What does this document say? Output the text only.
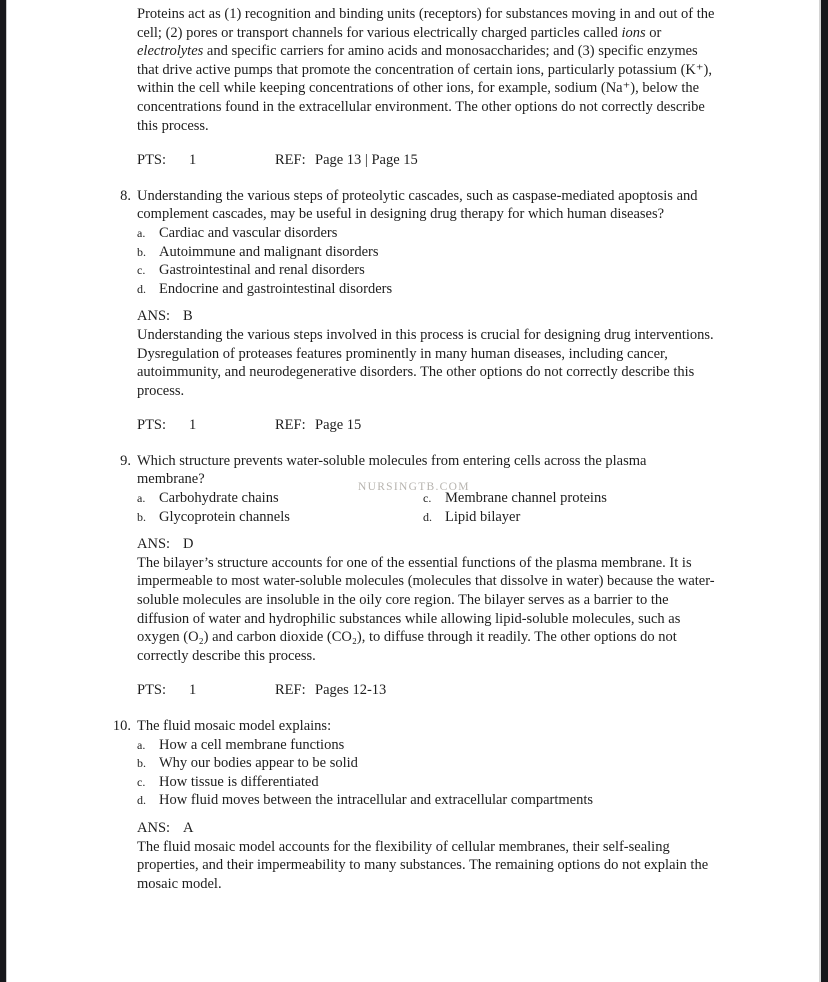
Proteins act as (1) recognition and binding units (receptors) for substances moving in and out of the cell; (2) pores or transport channels for various electrically charged particles called ions or electrolytes and specific carriers for amino acids and monosaccharides; and (3) specific enzymes that drive active pumps that promote the concentration of certain ions, particularly potassium (K⁺), within the cell while keeping concentrations of other ions, for example, sodium (Na⁺), below the concentrations found in the extracellular environment. The other options do not correctly describe this process.
PTS: 1	REF: Page 13 | Page 15
8. Understanding the various steps of proteolytic cascades, such as caspase-mediated apoptosis and complement cascades, may be useful in designing drug therapy for which human diseases?
a. Cardiac and vascular disorders
b. Autoimmune and malignant disorders
c. Gastrointestinal and renal disorders
d. Endocrine and gastrointestinal disorders
ANS: B
Understanding the various steps involved in this process is crucial for designing drug interventions. Dysregulation of proteases features prominently in many human diseases, including cancer, autoimmunity, and neurodegenerative disorders. The other options do not correctly describe this process.
PTS: 1	REF: Page 15
9. Which structure prevents water-soluble molecules from entering cells across the plasma membrane?
a. Carbohydrate chains	c. Membrane channel proteins
b. Glycoprotein channels	d. Lipid bilayer
ANS: D
The bilayer’s structure accounts for one of the essential functions of the plasma membrane. It is impermeable to most water-soluble molecules (molecules that dissolve in water) because the water-soluble molecules are insoluble in the oily core region. The bilayer serves as a barrier to the diffusion of water and hydrophilic substances while allowing lipid-soluble molecules, such as oxygen (O₂) and carbon dioxide (CO₂), to diffuse through it readily. The other options do not correctly describe this process.
PTS: 1	REF: Pages 12-13
10. The fluid mosaic model explains:
a. How a cell membrane functions
b. Why our bodies appear to be solid
c. How tissue is differentiated
d. How fluid moves between the intracellular and extracellular compartments
ANS: A
The fluid mosaic model accounts for the flexibility of cellular membranes, their self-sealing properties, and their impermeability to many substances. The remaining options do not explain the mosaic model.
NURSINGTB.COM
